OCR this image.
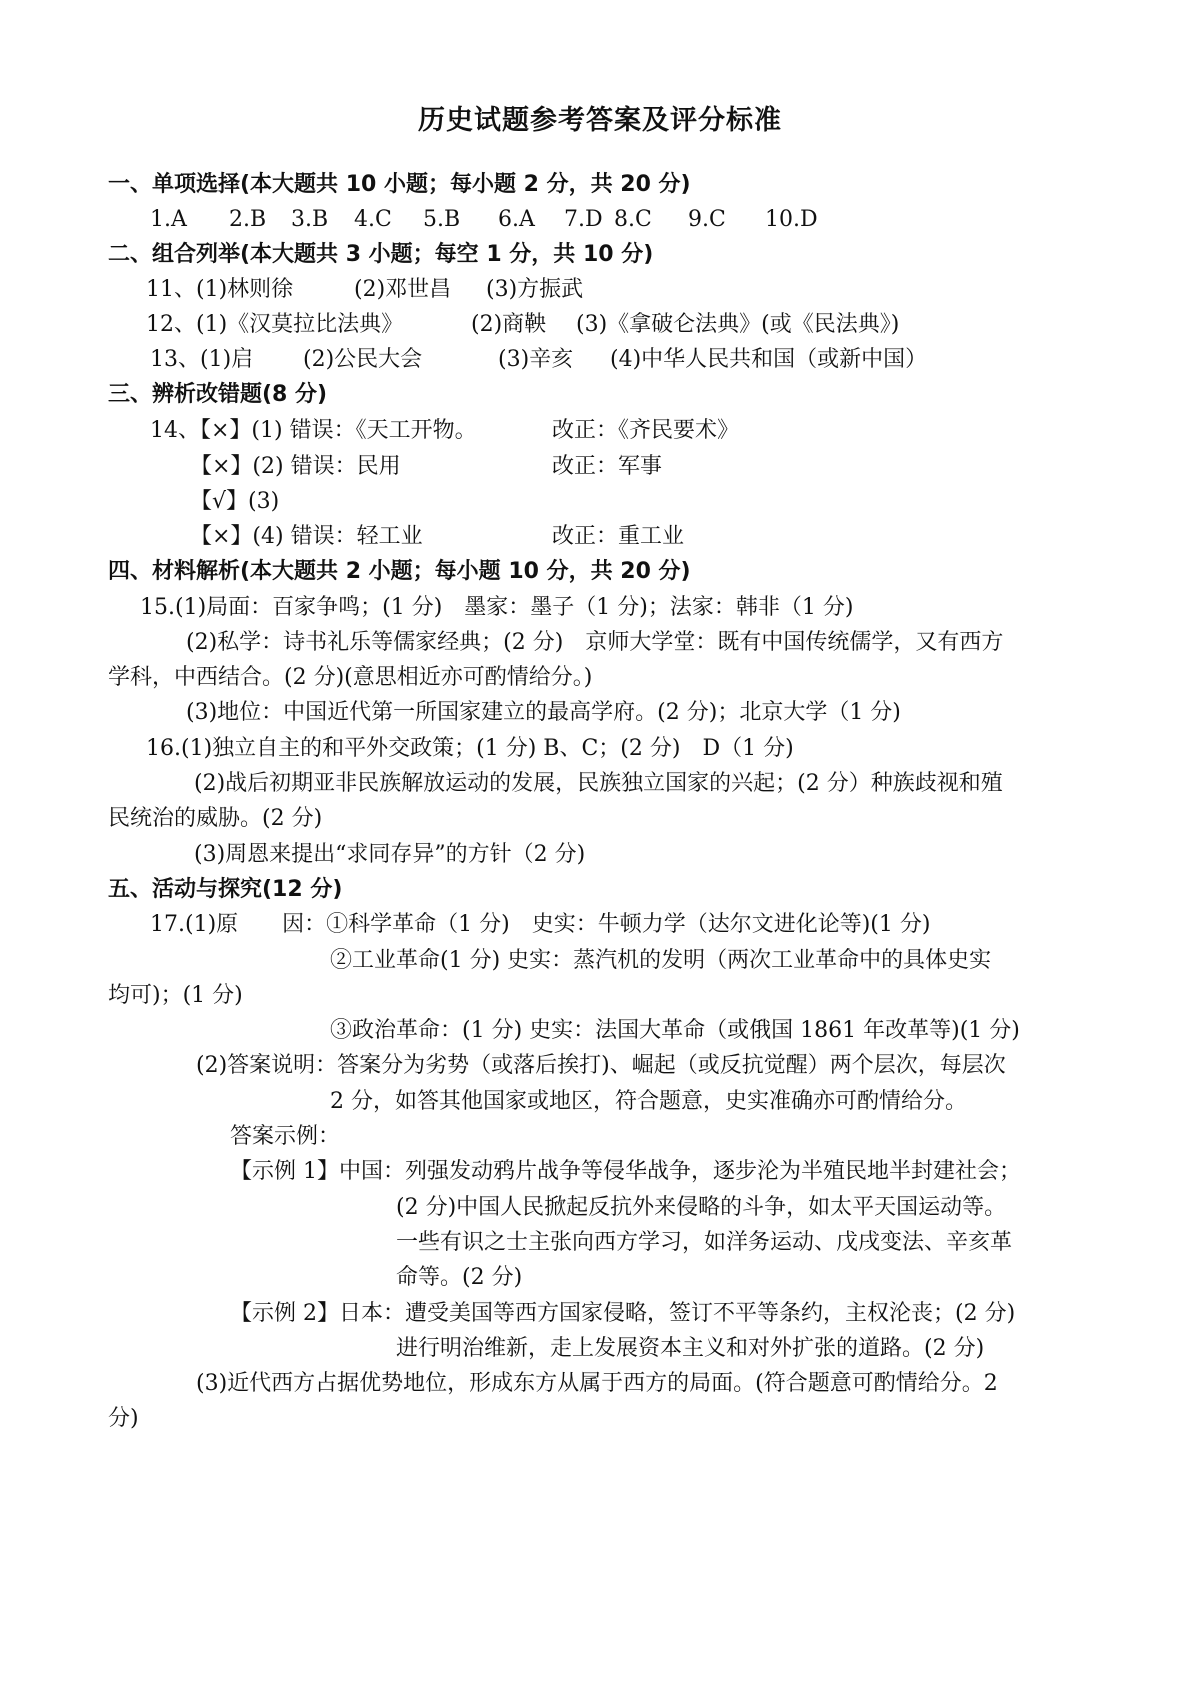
历史试题参考答案及评分标准
一、单项选择(本大题共 10 小题；每小题 2 分，共 20 分)
1.A 2.B 3.B 4.C 5.B 6.A 7.D 8.C 9.C 10.D
二、组合列举(本大题共 3 小题；每空 1 分，共 10 分)
11、(1)林则徐	(2)邓世昌 (3)方振武
12、(1)《汉莫拉比法典》	(2)商鞅 (3)《拿破仑法典》(或《民法典》)
13、(1)启 (2)公民大会	(3)辛亥 (4)中华人民共和国（或新中国）
三、辨析改错题(8 分)
14、【×】(1) 错误：《天工开物。	改正：《齐民要术》
【×】(2) 错误：民用	改正：军事
【√】(3)
【×】(4) 错误：轻工业	改正：重工业
四、材料解析(本大题共 2 小题；每小题 10 分，共 20 分)
15.(1)局面：百家争鸣；(1 分)　墨家：墨子（1 分)；法家：韩非（1 分)
(2)私学：诗书礼乐等儒家经典；(2 分)　京师大学堂：既有中国传统儒学，又有西方
学科，中西结合。(2 分)(意思相近亦可酌情给分。)
(3)地位：中国近代第一所国家建立的最高学府。(2 分)；北京大学（1 分)
16.(1)独立自主的和平外交政策；(1 分) B、C；(2 分)　D（1 分)
(2)战后初期亚非民族解放运动的发展，民族独立国家的兴起；(2 分）种族歧视和殖
民统治的威胁。(2 分)
(3)周恩来提出“求同存异”的方针（2 分)
五、活动与探究(12 分)
17.(1)原　　因：①科学革命（1 分)　史实：牛顿力学（达尔文进化论等)(1 分)
②工业革命(1 分) 史实：蒸汽机的发明（两次工业革命中的具体史实
均可)；(1 分)
③政治革命：(1 分) 史实：法国大革命（或俄国 1861 年改革等)(1 分)
(2)答案说明：答案分为劣势（或落后挨打)、崛起（或反抗觉醒）两个层次，每层次
2 分，如答其他国家或地区，符合题意，史实准确亦可酌情给分。
答案示例：
【示例 1】中国：列强发动鸦片战争等侵华战争，逐步沦为半殖民地半封建社会；
(2 分)中国人民掀起反抗外来侵略的斗争，如太平天国运动等。
一些有识之士主张向西方学习，如洋务运动、戊戌变法、辛亥革
命等。(2 分)
【示例 2】日本：遭受美国等西方国家侵略，签订不平等条约，主权沦丧；(2 分)
进行明治维新，走上发展资本主义和对外扩张的道路。(2 分)
(3)近代西方占据优势地位，形成东方从属于西方的局面。(符合题意可酌情给分。2
分)
